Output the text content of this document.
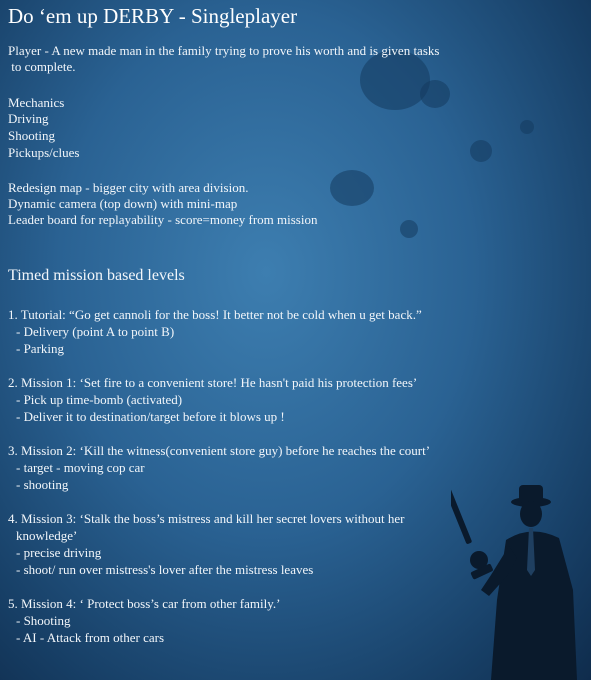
Do ‘em up DERBY - Singleplayer
Player - A new made man in the family trying to prove his worth and is given tasks
to complete.
Mechanics
Driving
Shooting
Pickups/clues
Redesign map - bigger city with area division.
Dynamic camera (top down) with mini-map
Leader board for replayability - score=money from mission
Timed mission based levels
1. Tutorial: “Go get cannoli for the boss! It better not be cold when u get back.”
- Delivery (point A to point B)
- Parking
2. Mission 1: ‘Set fire to a convenient store! He hasn't paid his protection fees’
- Pick up time-bomb (activated)
- Deliver it to destination/target before it blows up !
3. Mission 2: ‘Kill the witness(convenient store guy) before he reaches the court’
- target - moving cop car
- shooting
4. Mission 3: ‘Stalk the boss’s mistress and kill her secret lovers without her
knowledge’
- precise driving
- shoot/ run over mistress's lover after the mistress leaves
5. Mission 4: ‘ Protect boss’s car from other family.’
- Shooting
- AI - Attack from other cars
